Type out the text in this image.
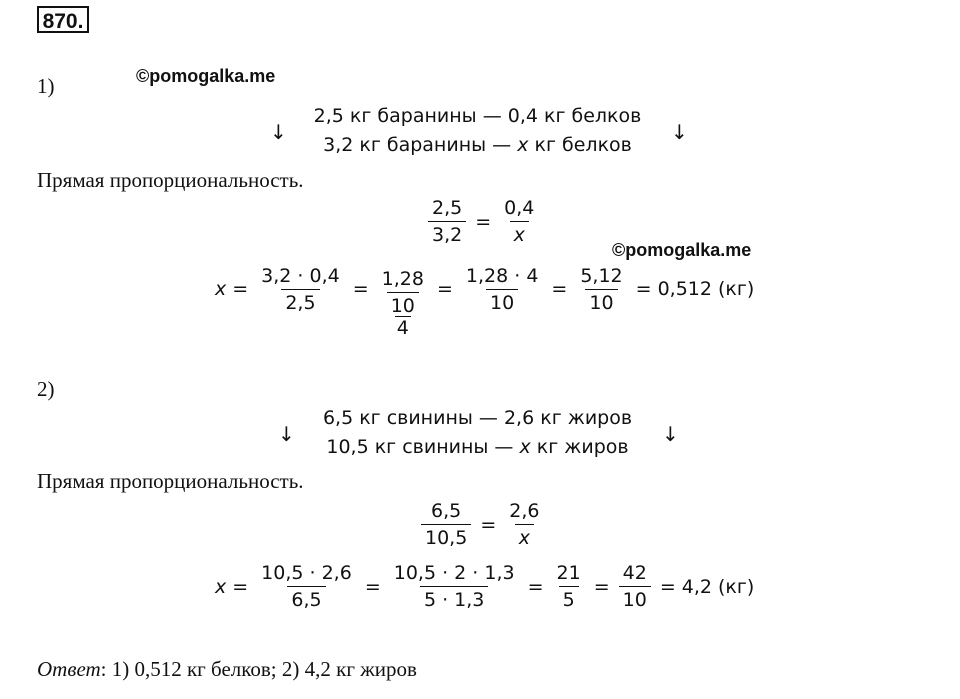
870.
1)	©pomogalka.me
↓	↓
2,5 кг баранины — 0,4 кг белков
3,2 кг баранины — x кг белков
Прямая пропорциональность.
$\frac{2,5}{3,2} = \frac{0,4}{x}$
©pomogalka.me
$x = \frac{3,2 \cdot 0,4}{2,5} = \frac{1,28}{\frac{10}{4}} = \frac{1,28 \cdot 4}{10} = \frac{5,12}{10} = 0,512$ (кг)
2)
↓	↓
6,5 кг свинины — 2,6 кг жиров
10,5 кг свинины — x кг жиров
Прямая пропорциональность.
$\frac{6,5}{10,5} = \frac{2,6}{x}$
$x = \frac{10,5 \cdot 2,6}{6,5} = \frac{10,5 \cdot 2 \cdot 1,3}{5 \cdot 1,3} = \frac{21}{5} = \frac{42}{10} = 4,2$ (кг)
Ответ: 1) 0,512 кг белков; 2) 4,2 кг жиров
